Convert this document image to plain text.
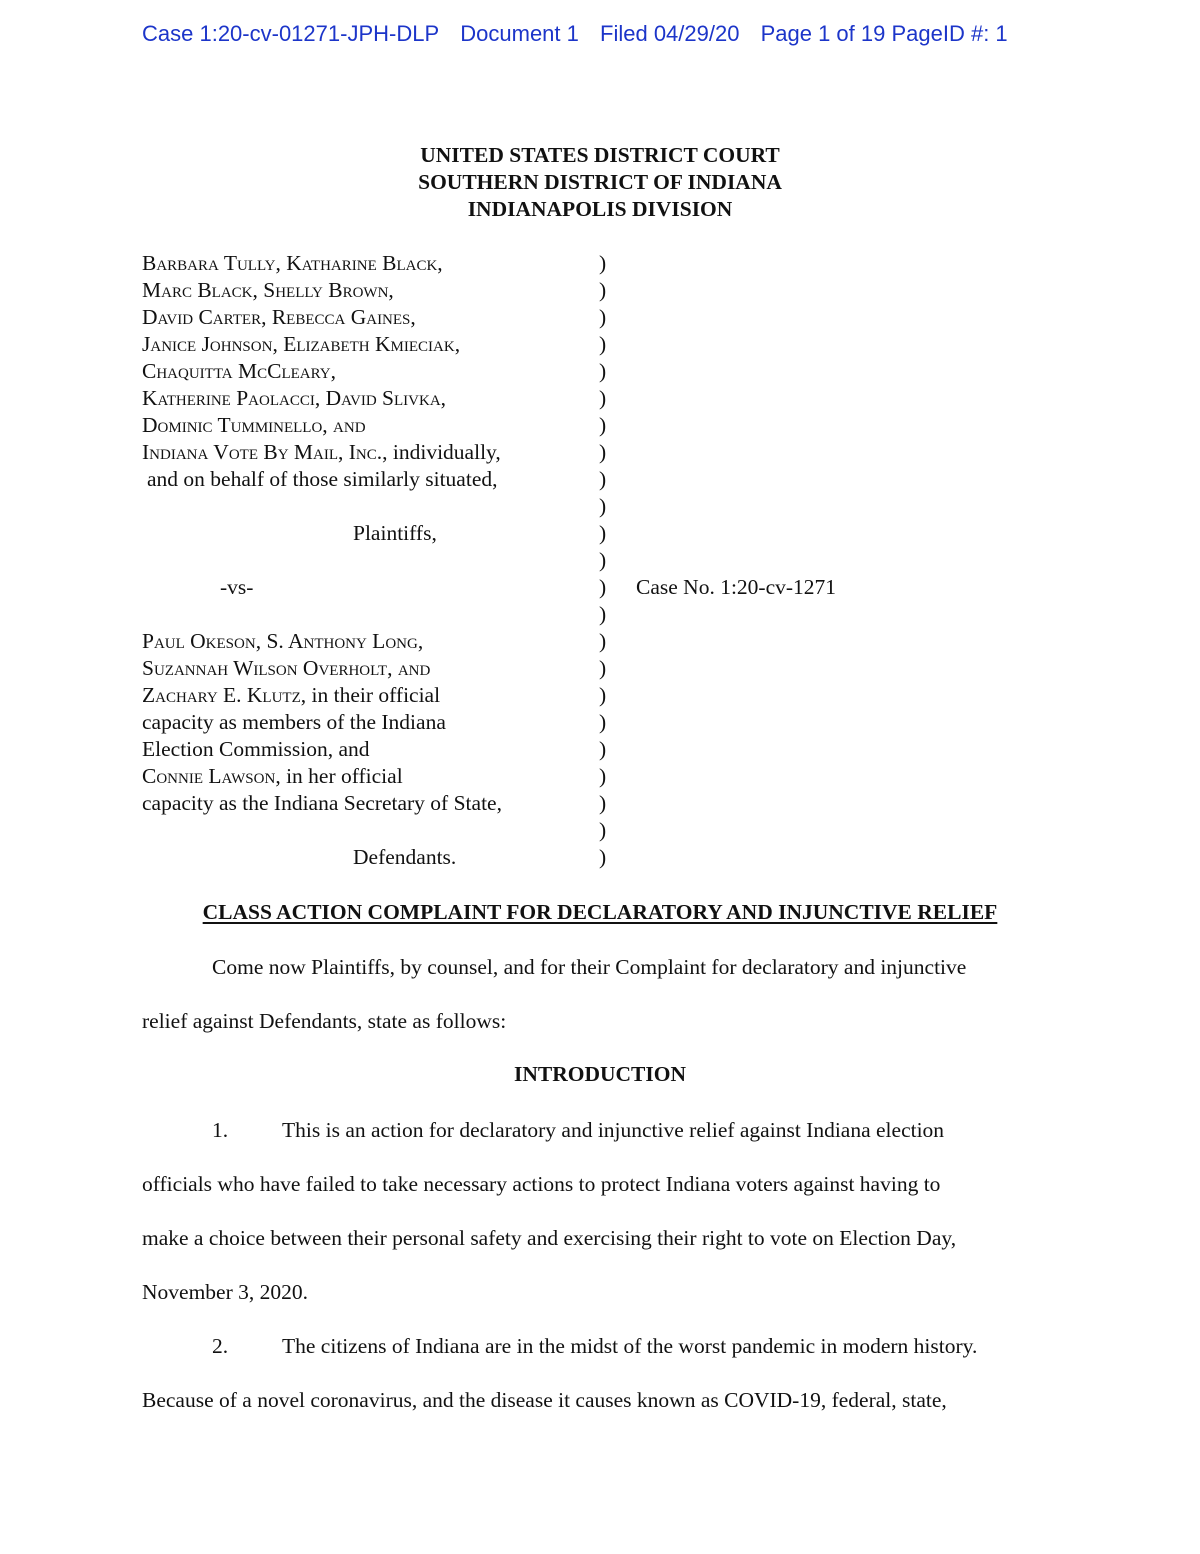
Case 1:20-cv-01271-JPH-DLP Document 1 Filed 04/29/20 Page 1 of 19 PageID #: 1
UNITED STATES DISTRICT COURT
SOUTHERN DISTRICT OF INDIANA
INDIANAPOLIS DIVISION
Barbara Tully, Katharine Black,	)
Marc Black, Shelly Brown,	)
David Carter, Rebecca Gaines,	)
Janice Johnson, Elizabeth Kmieciak,	)
Chaquitta McCleary,	)
Katherine Paolacci, David Slivka,	)
Dominic Tumminello, and	)
Indiana Vote By Mail, Inc., individually,	)
and on behalf of those similarly situated,	)
)
Plaintiffs,	)
)
-vs-	) Case No. 1:20-cv-1271
)
Paul Okeson, S. Anthony Long,	)
Suzannah Wilson Overholt, and	)
Zachary E. Klutz, in their official	)
capacity as members of the Indiana	)
Election Commission, and	)
Connie Lawson, in her official	)
capacity as the Indiana Secretary of State,	)
)
Defendants.	)
CLASS ACTION COMPLAINT FOR DECLARATORY AND INJUNCTIVE RELIEF
Come now Plaintiffs, by counsel, and for their Complaint for declaratory and injunctive
relief against Defendants, state as follows:
INTRODUCTION
1.	This is an action for declaratory and injunctive relief against Indiana election
officials who have failed to take necessary actions to protect Indiana voters against having to
make a choice between their personal safety and exercising their right to vote on Election Day,
November 3, 2020.
2.	The citizens of Indiana are in the midst of the worst pandemic in modern history.
Because of a novel coronavirus, and the disease it causes known as COVID-19, federal, state,
